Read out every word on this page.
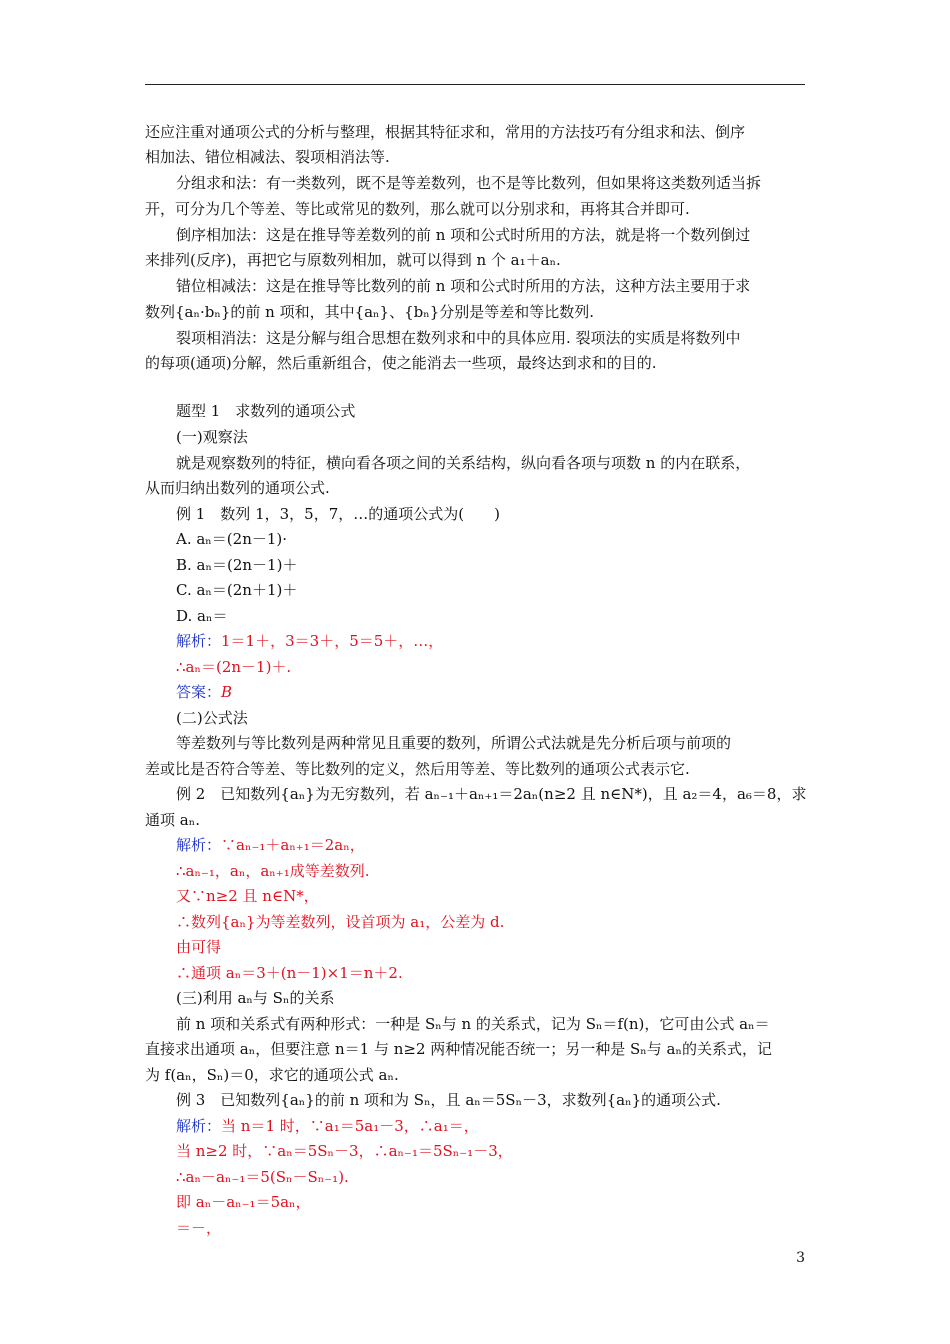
还应注重对通项公式的分析与整理，根据其特征求和，常用的方法技巧有分组求和法、倒序
相加法、错位相减法、裂项相消法等.
分组求和法：有一类数列，既不是等差数列，也不是等比数列，但如果将这类数列适当拆
开，可分为几个等差、等比或常见的数列，那么就可以分别求和，再将其合并即可.
倒序相加法：这是在推导等差数列的前 n 项和公式时所用的方法，就是将一个数列倒过
来排列(反序)，再把它与原数列相加，就可以得到 n 个 a₁＋aₙ.
错位相减法：这是在推导等比数列的前 n 项和公式时所用的方法，这种方法主要用于求
数列{aₙ·bₙ}的前 n 项和，其中{aₙ}、{bₙ}分别是等差和等比数列.
裂项相消法：这是分解与组合思想在数列求和中的具体应用. 裂项法的实质是将数列中
的每项(通项)分解，然后重新组合，使之能消去一些项，最终达到求和的目的.
题型 1　求数列的通项公式
(一)观察法
就是观察数列的特征，横向看各项之间的关系结构，纵向看各项与项数 n 的内在联系，
从而归纳出数列的通项公式.
例 1　数列 1，3，5，7，…的通项公式为(　　)
A. aₙ＝(2n－1)·
B. aₙ＝(2n－1)＋
C. aₙ＝(2n＋1)＋
D. aₙ＝
解析：1＝1＋，3＝3＋，5＝5＋，…，
∴aₙ＝(2n－1)＋.
答案：B
(二)公式法
等差数列与等比数列是两种常见且重要的数列，所谓公式法就是先分析后项与前项的
差或比是否符合等差、等比数列的定义，然后用等差、等比数列的通项公式表示它.
例 2　已知数列{aₙ}为无穷数列，若 aₙ₋₁＋aₙ₊₁＝2aₙ(n≥2 且 n∈N*)，且 a₂＝4，a₆＝8，求
通项 aₙ.
解析：∵aₙ₋₁＋aₙ₊₁＝2aₙ，
∴aₙ₋₁，aₙ，aₙ₊₁成等差数列.
又∵n≥2 且 n∈N*，
∴数列{aₙ}为等差数列，设首项为 a₁，公差为 d.
由可得
∴通项 aₙ＝3＋(n－1)×1＝n＋2.
(三)利用 aₙ与 Sₙ的关系
前 n 项和关系式有两种形式：一种是 Sₙ与 n 的关系式，记为 Sₙ＝f(n)，它可由公式 aₙ＝
直接求出通项 aₙ，但要注意 n＝1 与 n≥2 两种情况能否统一；另一种是 Sₙ与 aₙ的关系式，记
为 f(aₙ，Sₙ)＝0，求它的通项公式 aₙ.
例 3　已知数列{aₙ}的前 n 项和为 Sₙ，且 aₙ＝5Sₙ－3，求数列{aₙ}的通项公式.
解析：当 n＝1 时，∵a₁＝5a₁－3，∴a₁＝，
当 n≥2 时，∵aₙ＝5Sₙ－3，∴aₙ₋₁＝5Sₙ₋₁－3，
∴aₙ－aₙ₋₁＝5(Sₙ－Sₙ₋₁).
即 aₙ－aₙ₋₁＝5aₙ，
＝－，
3
